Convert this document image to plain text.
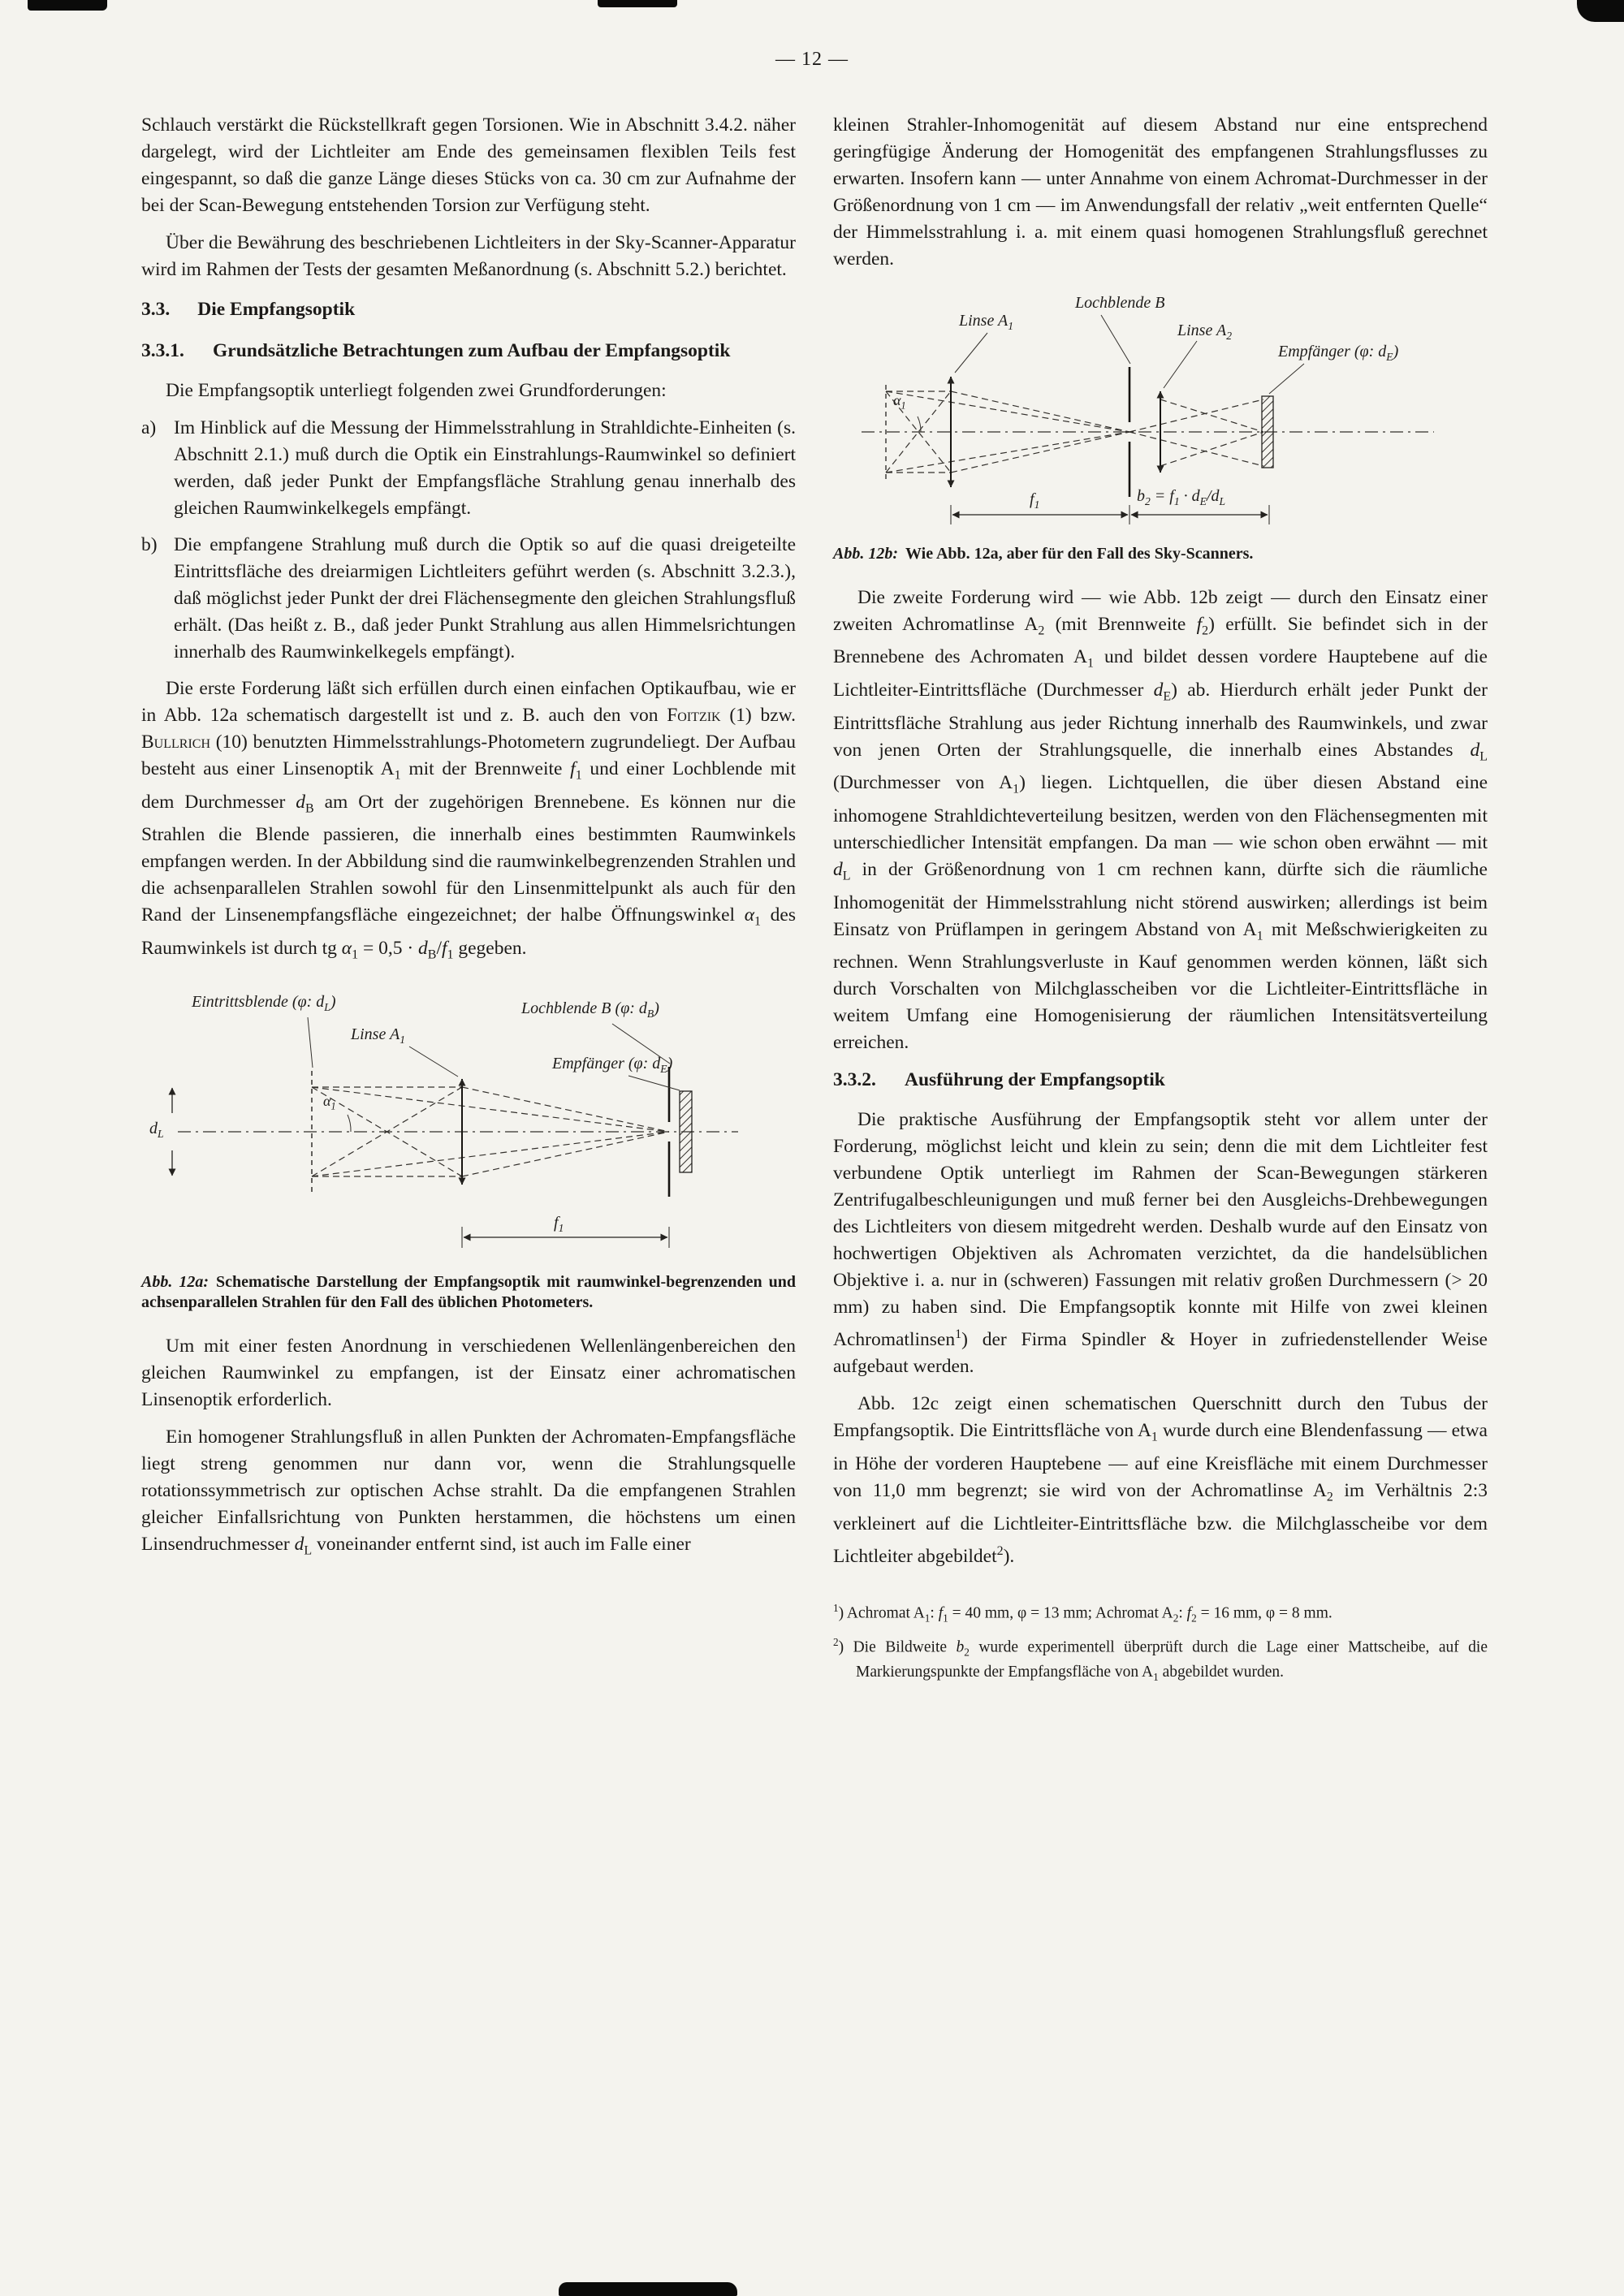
— 12 —

Schlauch verstärkt die Rückstellkraft gegen Torsionen. Wie in Abschnitt 3.4.2. näher dargelegt, wird der Lichtleiter am Ende des gemeinsamen flexiblen Teils fest eingespannt, so daß die ganze Länge dieses Stücks von ca. 30 cm zur Aufnahme der bei der Scan-Bewegung entstehenden Torsion zur Verfügung steht.

Über die Bewährung des beschriebenen Lichtleiters in der Sky-Scanner-Apparatur wird im Rahmen der Tests der gesamten Meßanordnung (s. Abschnitt 5.2.) berichtet.

3.3. Die Empfangsoptik

3.3.1.	Grundsätzliche Betrachtungen zum Aufbau der Empfangsoptik

Die Empfangsoptik unterliegt folgenden zwei Grundforderungen:

a) Im Hinblick auf die Messung der Himmelsstrahlung in Strahldichte-Einheiten (s. Abschnitt 2.1.) muß durch die Optik ein Einstrahlungs-Raumwinkel so definiert werden, daß jeder Punkt der Empfangsfläche Strahlung genau innerhalb des gleichen Raumwinkelkegels empfängt.
b) Die empfangene Strahlung muß durch die Optik so auf die quasi dreigeteilte Eintrittsfläche des dreiarmigen Lichtleiters geführt werden (s. Abschnitt 3.2.3.), daß möglichst jeder Punkt der drei Flächensegmente den gleichen Strahlungsfluß erhält. (Das heißt z. B., daß jeder Punkt Strahlung aus allen Himmelsrichtungen innerhalb des Raumwinkelkegels empfängt).

Die erste Forderung läßt sich erfüllen durch einen einfachen Optikaufbau, wie er in Abb. 12a schematisch dargestellt ist und z. B. auch den von Foitzik (1) bzw. Bullrich (10) benutzten Himmelsstrahlungs-Photometern zugrundeliegt. Der Aufbau besteht aus einer Linsenoptik $A_1$ mit der Brennweite $f_1$ und einer Lochblende mit dem Durchmesser $d_B$ am Ort der zugehörigen Brennebene. Es können nur die Strahlen die Blende passieren, die innerhalb eines bestimmten Raumwinkels empfangen werden. In der Abbildung sind die raumwinkelbegrenzenden Strahlen und die achsenparallelen Strahlen sowohl für den Linsenmittelpunkt als auch für den Rand der Linsenempfangsfläche eingezeichnet; der halbe Öffnungswinkel $\alpha_1$ des Raumwinkels ist durch tg $\alpha_1 = 0,5 \cdot d_B/f_1$ gegeben.

Eintrittsblende (φ: $d_L$)
Linse $A_1$
Lochblende B (φ: $d_B$)
Empfänger (φ: $d_E$)
$\alpha_1$
$d_L$
$f_1$

Abb. 12a: Schematische Darstellung der Empfangsoptik mit raumwinkel-begrenzenden und achsenparallelen Strahlen für den Fall des üblichen Photometers.

Um mit einer festen Anordnung in verschiedenen Wellenlängenbereichen den gleichen Raumwinkel zu empfangen, ist der Einsatz einer achromatischen Linsenoptik erforderlich.

Ein homogener Strahlungsfluß in allen Punkten der Achromaten-Empfangsfläche liegt streng genommen nur dann vor, wenn die Strahlungsquelle rotationssymmetrisch zur optischen Achse strahlt. Da die empfangenen Strahlen gleicher Einfallsrichtung von Punkten herstammen, die höchstens um einen Linsendruchmesser $d_L$ voneinander entfernt sind, ist auch im Falle einer

kleinen Strahler-Inhomogenität auf diesem Abstand nur eine entsprechend geringfügige Änderung der Homogenität des empfangenen Strahlungsflusses zu erwarten. Insofern kann — unter Annahme von einem Achromat-Durchmesser in der Größenordnung von 1 cm — im Anwendungsfall der relativ „weit entfernten Quelle“ der Himmelsstrahlung i. a. mit einem quasi homogenen Strahlungsfluß gerechnet werden.

Linse $A_1$
Lochblende B
Linse $A_2$
Empfänger (φ: $d_E$)
$\alpha_1$
$f_1$	$b_2 = f_1 \cdot d_E/d_L$

Abb. 12b: Wie Abb. 12a, aber für den Fall des Sky-Scanners.

Die zweite Forderung wird — wie Abb. 12b zeigt — durch den Einsatz einer zweiten Achromatlinse $A_2$ (mit Brennweite $f_2$) erfüllt. Sie befindet sich in der Brennebene des Achromaten $A_1$ und bildet dessen vordere Hauptebene auf die Lichtleiter-Eintrittsfläche (Durchmesser $d_E$) ab. Hierdurch erhält jeder Punkt der Eintrittsfläche Strahlung aus jeder Richtung innerhalb des Raumwinkels, und zwar von jenen Orten der Strahlungsquelle, die innerhalb eines Abstandes $d_L$ (Durchmesser von $A_1$) liegen. Lichtquellen, die über diesen Abstand eine inhomogene Strahldichteverteilung besitzen, werden von den Flächensegmenten mit unterschiedlicher Intensität empfangen. Da man — wie schon oben erwähnt — mit $d_L$ in der Größenordnung von 1 cm rechnen kann, dürfte sich die räumliche Inhomogenität der Himmelsstrahlung nicht störend auswirken; allerdings ist beim Einsatz von Prüflampen in geringem Abstand von $A_1$ mit Meßschwierigkeiten zu rechnen. Wenn Strahlungsverluste in Kauf genommen werden können, läßt sich durch Vorschalten von Milchglasscheiben vor die Lichtleiter-Eintrittsfläche in weitem Umfang eine Homogenisierung der räumlichen Intensitätsverteilung erreichen.

3.3.2.	Ausführung der Empfangsoptik

Die praktische Ausführung der Empfangsoptik steht vor allem unter der Forderung, möglichst leicht und klein zu sein; denn die mit dem Lichtleiter fest verbundene Optik unterliegt im Rahmen der Scan-Bewegungen stärkeren Zentrifugalbeschleunigungen und muß ferner bei den Ausgleichs-Drehbewegungen des Lichtleiters von diesem mitgedreht werden. Deshalb wurde auf den Einsatz von hochwertigen Objektiven als Achromaten verzichtet, da die handelsüblichen Objektive i. a. nur in (schweren) Fassungen mit relativ großen Durchmessern (> 20 mm) zu haben sind. Die Empfangsoptik konnte mit Hilfe von zwei kleinen Achromatlinsen$^1$) der Firma Spindler & Hoyer in zufriedenstellender Weise aufgebaut werden.

Abb. 12c zeigt einen schematischen Querschnitt durch den Tubus der Empfangsoptik. Die Eintrittsfläche von $A_1$ wurde durch eine Blendenfassung — etwa in Höhe der vorderen Hauptebene — auf eine Kreisfläche mit einem Durchmesser von 11,0 mm begrenzt; sie wird von der Achromatlinse $A_2$ im Verhältnis 2:3 verkleinert auf die Lichtleiter-Eintrittsfläche bzw. die Milchglasscheibe vor dem Lichtleiter abgebildet$^2$).

$^1$) Achromat $A_1$: $f_1 = 40$ mm, φ = 13 mm; Achromat $A_2$: $f_2 = 16$ mm, φ = 8 mm.

$^2$) Die Bildweite $b_2$ wurde experimentell überprüft durch die Lage einer Mattscheibe, auf die Markierungspunkte der Empfangsfläche von $A_1$ abgebildet wurden.
